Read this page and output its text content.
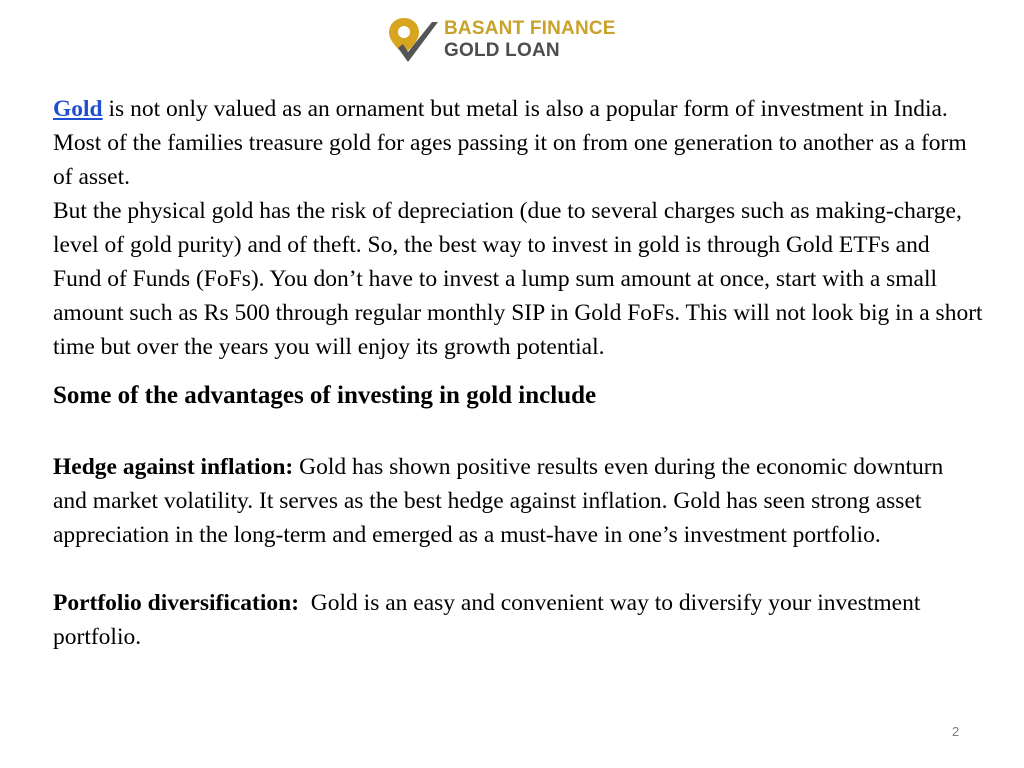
BASANT FINANCE
GOLD LOAN

Gold is not only valued as an ornament but metal is also a popular form of investment in India. Most of the families treasure gold for ages passing it on from one generation to another as a form of asset.

But the physical gold has the risk of depreciation (due to several charges such as making-charge, level of gold purity) and of theft. So, the best way to invest in gold is through Gold ETFs and Fund of Funds (FoFs). You don’t have to invest a lump sum amount at once, start with a small amount such as Rs 500 through regular monthly SIP in Gold FoFs. This will not look big in a short time but over the years you will enjoy its growth potential.

Some of the advantages of investing in gold include

Hedge against inflation: Gold has shown positive results even during the economic downturn and market volatility. It serves as the best hedge against inflation. Gold has seen strong asset appreciation in the long-term and emerged as a must-have in one’s investment portfolio.

Portfolio diversification:  Gold is an easy and convenient way to diversify your investment portfolio.

2
